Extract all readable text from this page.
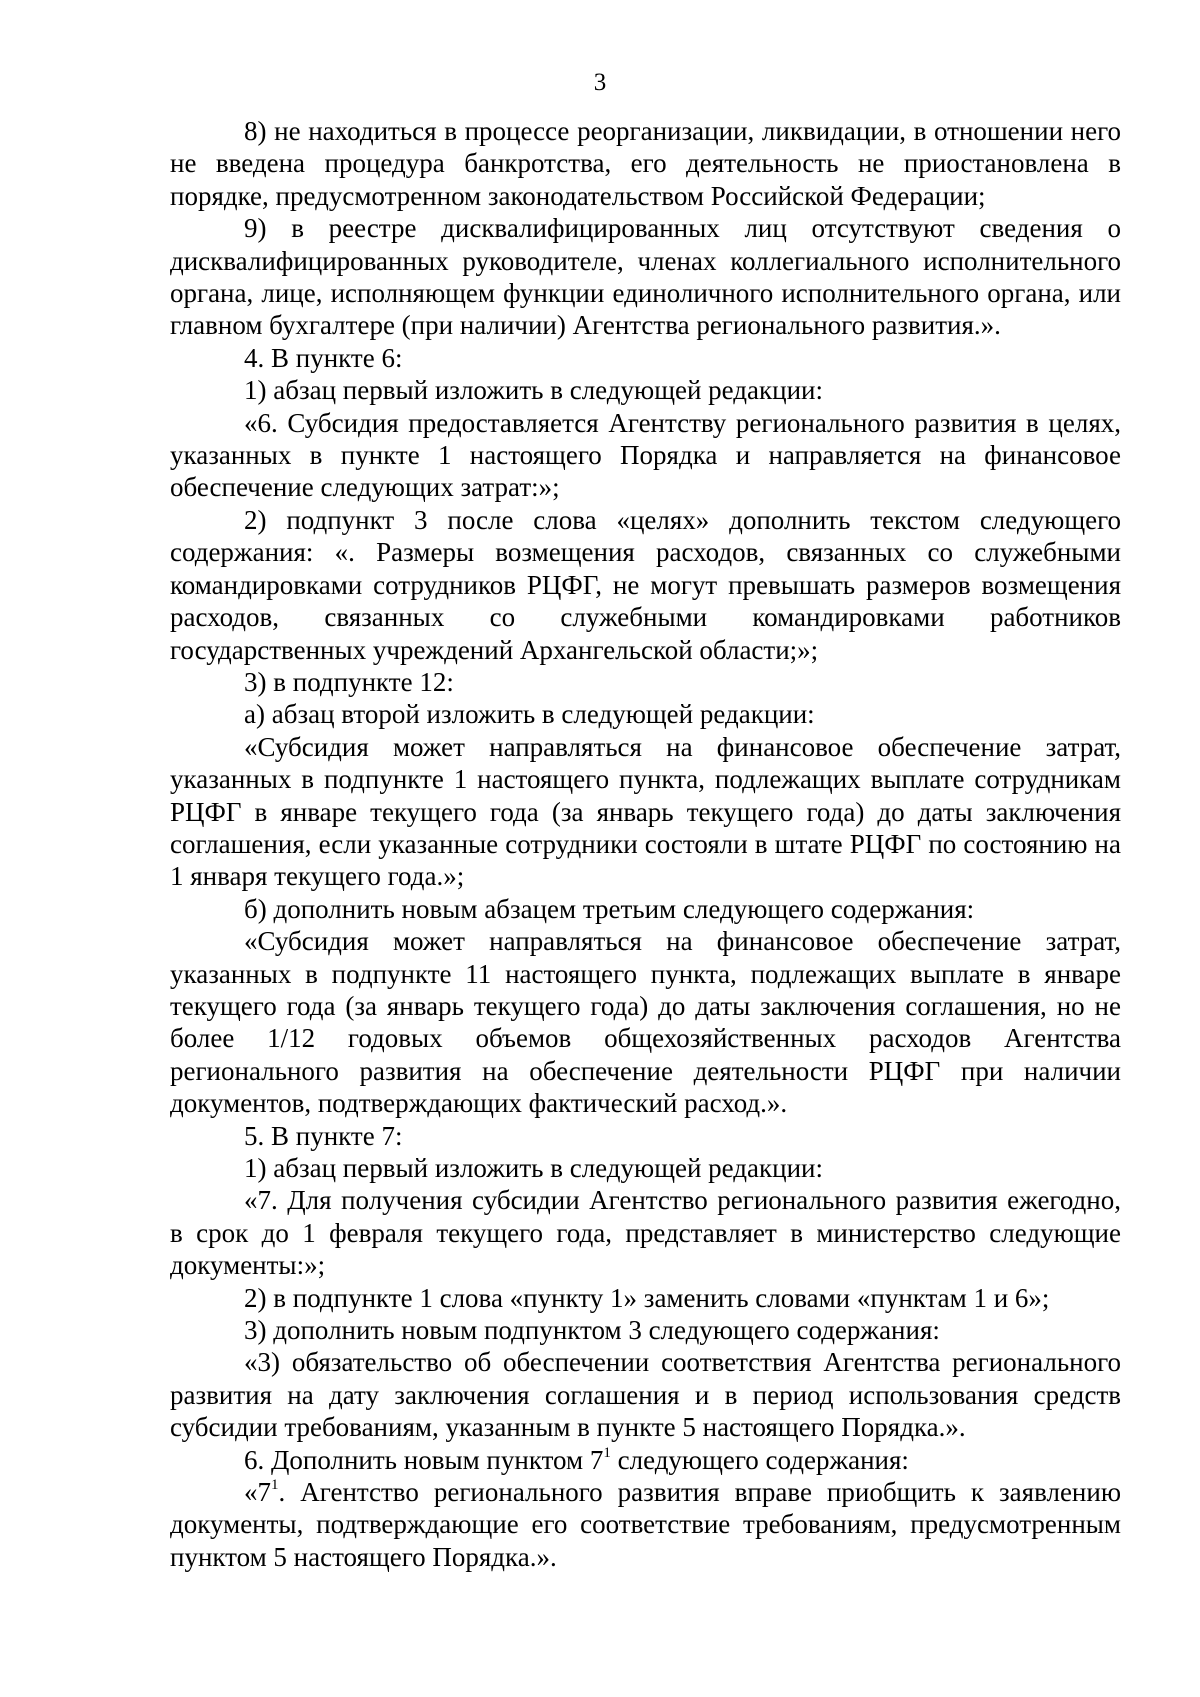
3

8) не находиться в процессе реорганизации, ликвидации, в отношении него не введена процедура банкротства, его деятельность не приостановлена в порядке, предусмотренном законодательством Российской Федерации;

9) в реестре дисквалифицированных лиц отсутствуют сведения о дисквалифицированных руководителе, членах коллегиального исполнительного органа, лице, исполняющем функции единоличного исполнительного органа, или главном бухгалтере (при наличии) Агентства регионального развития.».

4. В пункте 6:

1) абзац первый изложить в следующей редакции:

«6. Субсидия предоставляется Агентству регионального развития в целях, указанных в пункте 1 настоящего Порядка и направляется на финансовое обеспечение следующих затрат:»;

2) подпункт 3 после слова «целях» дополнить текстом следующего содержания: «. Размеры возмещения расходов, связанных со служебными командировками сотрудников РЦФГ, не могут превышать размеров возмещения расходов, связанных со служебными командировками работников государственных учреждений Архангельской области;»;

3) в подпункте 12:

а) абзац второй изложить в следующей редакции:

«Субсидия может направляться на финансовое обеспечение затрат, указанных в подпункте 1 настоящего пункта, подлежащих выплате сотрудникам РЦФГ в январе текущего года (за январь текущего года) до даты заключения соглашения, если указанные сотрудники состояли в штате РЦФГ по состоянию на 1 января текущего года.»;

б) дополнить новым абзацем третьим следующего содержания:

«Субсидия может направляться на финансовое обеспечение затрат, указанных в подпункте 11 настоящего пункта, подлежащих выплате в январе текущего года (за январь текущего года) до даты заключения соглашения, но не более 1/12 годовых объемов общехозяйственных расходов Агентства регионального развития на обеспечение деятельности РЦФГ при наличии документов, подтверждающих фактический расход.».

5. В пункте 7:

1) абзац первый изложить в следующей редакции:

«7. Для получения субсидии Агентство регионального развития ежегодно, в срок до 1 февраля текущего года, представляет в министерство следующие документы:»;

2) в подпункте 1 слова «пункту 1» заменить словами «пунктам 1 и 6»;

3) дополнить новым подпунктом 3 следующего содержания:

«3) обязательство об обеспечении соответствия Агентства регионального развития на дату заключения соглашения и в период использования средств субсидии требованиям, указанным в пункте 5 настоящего Порядка.».

6. Дополнить новым пунктом $7^1$ следующего содержания:

«$7^1$. Агентство регионального развития вправе приобщить к заявлению документы, подтверждающие его соответствие требованиям, предусмотренным пунктом 5 настоящего Порядка.».
